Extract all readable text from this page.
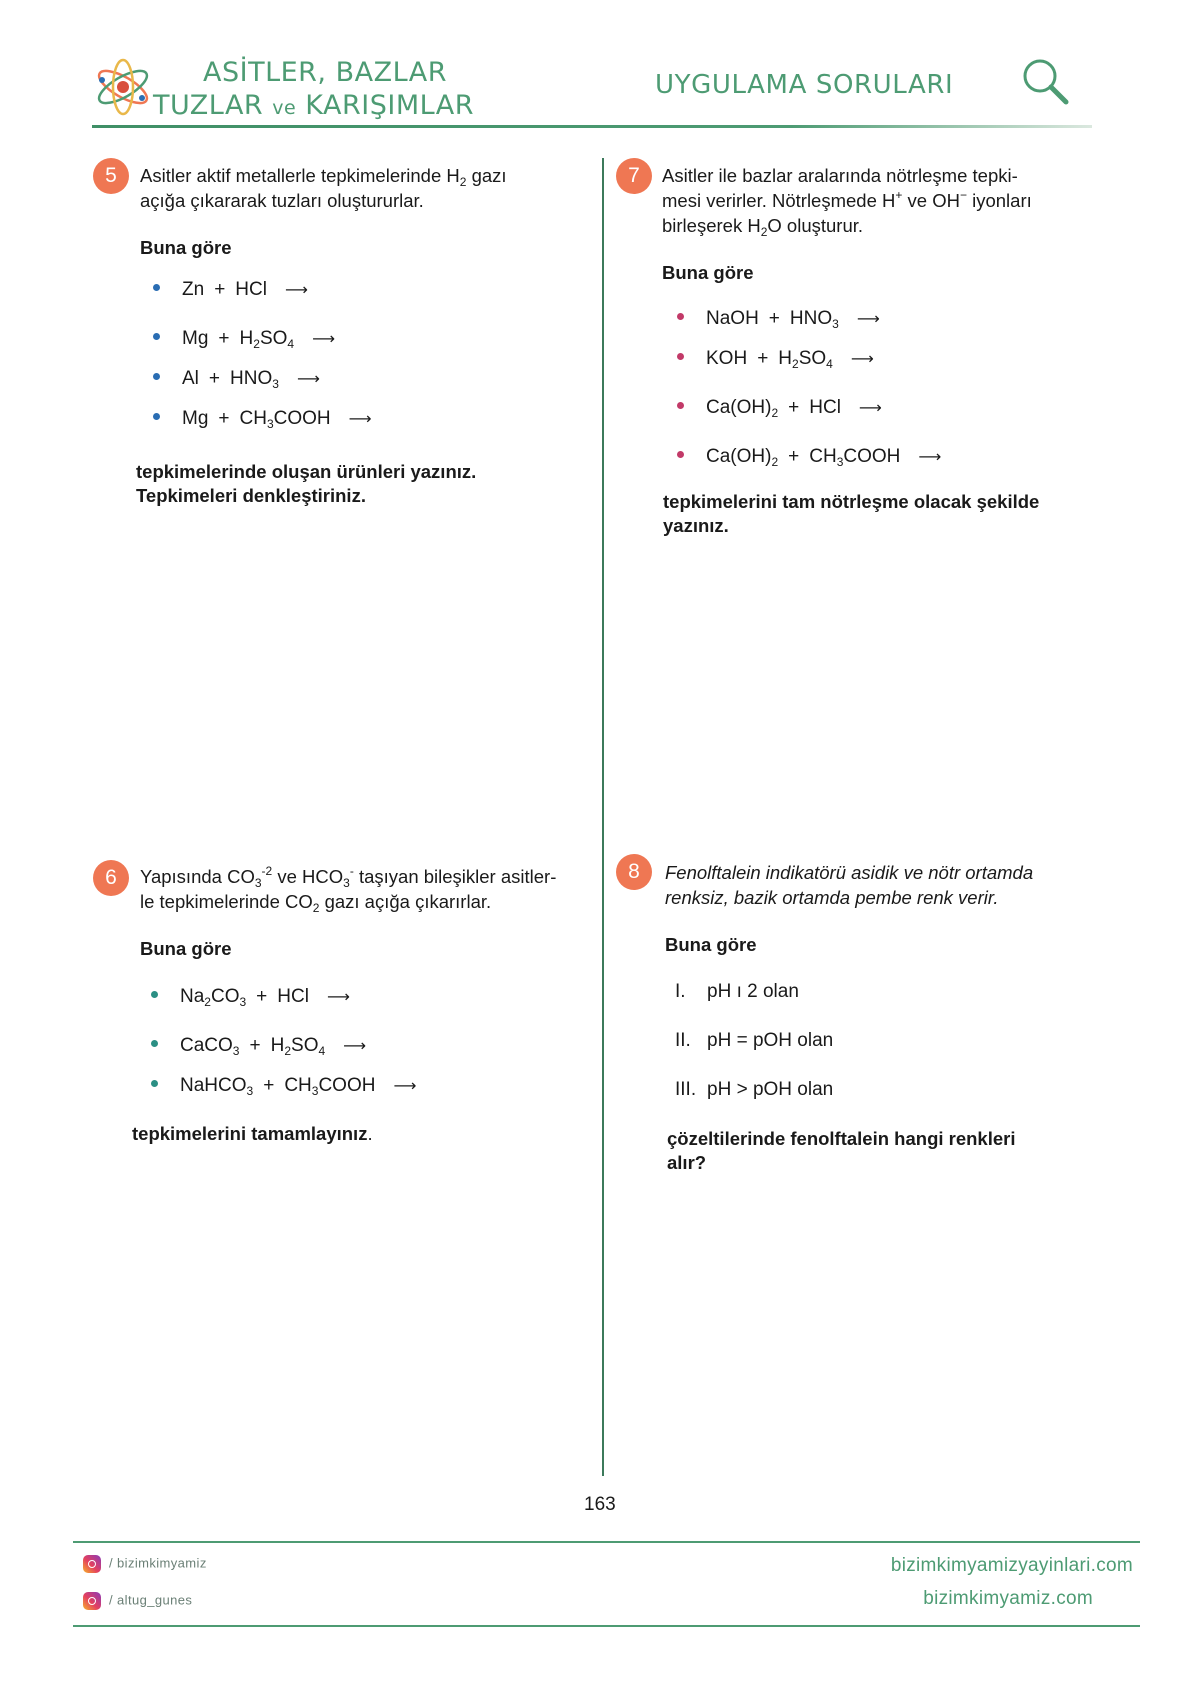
ASİTLER, BAZLAR
TUZLAR ve KARIŞIMLAR
UYGULAMA SORULARI
5	Asitler aktif metallerle tepkimelerinde $H_2$ gazı
açığa çıkararak tuzları oluştururlar.
Buna göre
Zn + HCl ⟶
$Mg + H_2SO_4$ ⟶
$Al + HNO_3$ ⟶
$Mg + CH_3COOH$ ⟶
tepkimelerinde oluşan ürünleri yazınız.
Tepkimeleri denkleştiriniz.
6	Yapısında $CO_3^{-2}$ ve $HCO_3^-$ taşıyan bileşikler asitler-
le tepkimelerinde $CO_2$ gazı açığa çıkarırlar.
Buna göre
$Na_2CO_3$ + HCl ⟶
CaCO$_3$ + $H_2SO_4$ ⟶
NaHCO$_3$ + $CH_3COOH$ ⟶
tepkimelerini tamamlayınız.
7	Asitler ile bazlar aralarında nötrleşme tepki-
mesi verirler. Nötrleşmede H+ ve OH− iyonları
birleşerek $H_2O$ oluşturur.
Buna göre
NaOH + $HNO_3$ ⟶
KOH + $H_2SO_4$ ⟶
$Ca(OH)_2$ + HCl ⟶
$Ca(OH)_2$ + $CH_3COOH$ ⟶
tepkimelerini tam nötrleşme olacak şekilde
yazınız.
8	Fenolftalein indikatörü asidik ve nötr ortamda
renksiz, bazik ortamda pembe renk verir.
Buna göre
I. pH ı 2 olan
II. pH = pOH olan
III. pH > pOH olan
çözeltilerinde fenolftalein hangi renkleri
alır?
163
/ bizimkimyamiz
/ altug_gunes
bizimkimyamizyayinlari.com
bizimkimyamiz.com
